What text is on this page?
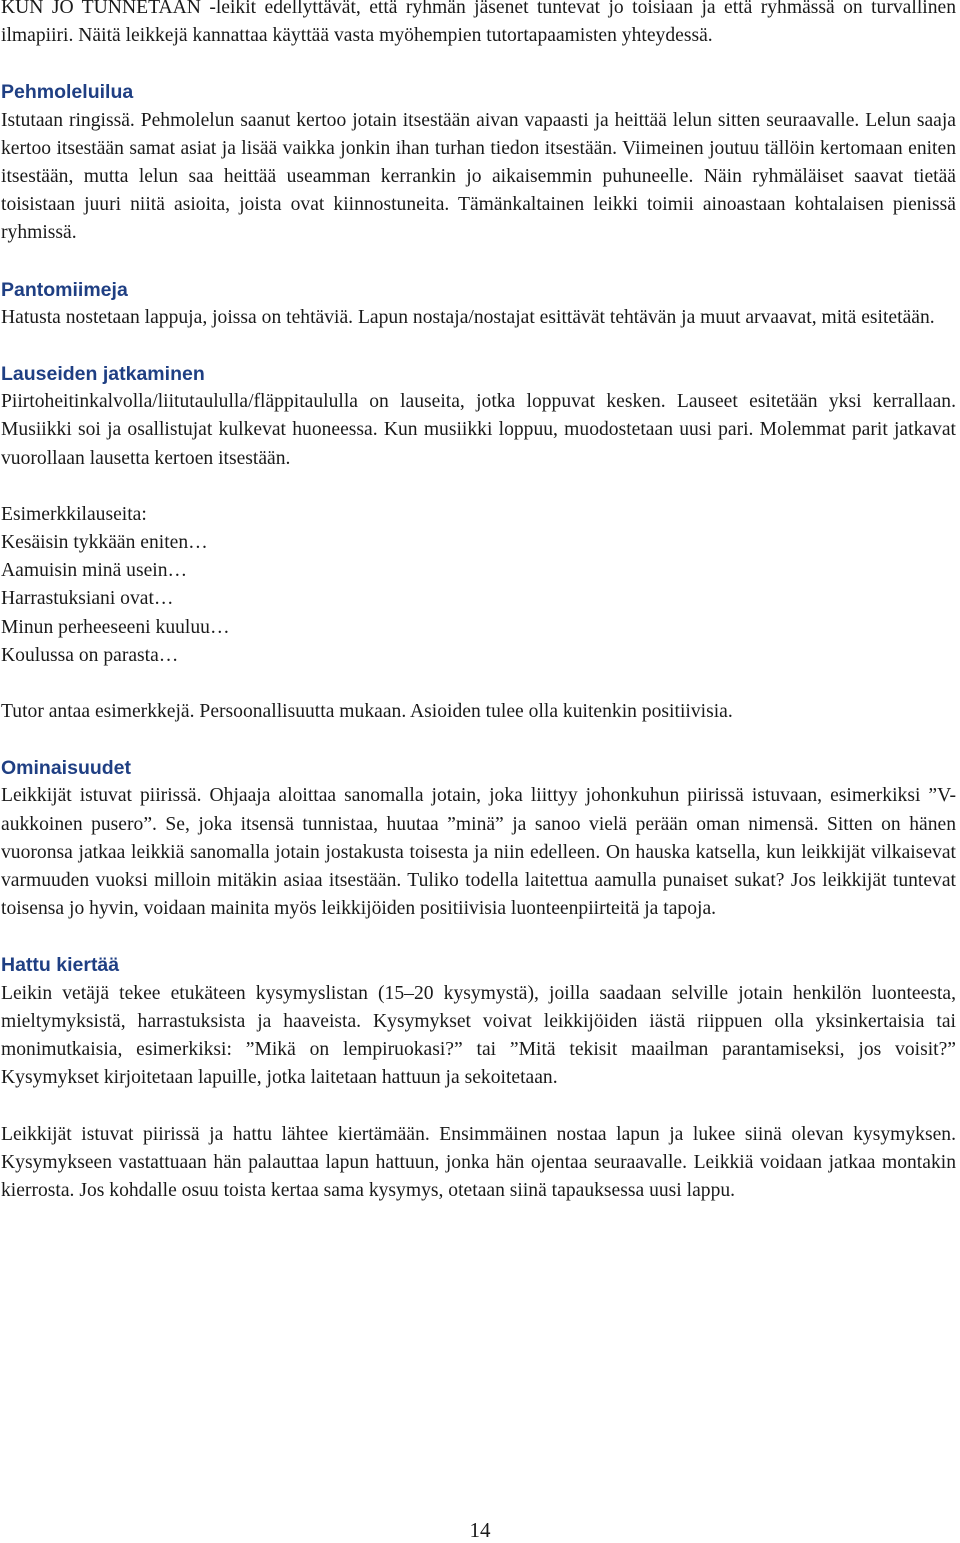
KUN JO TUNNETAAN -leikit edellyttävät, että ryhmän jäsenet tuntevat jo toisiaan ja että ryhmässä on turvallinen ilmapiiri. Näitä leikkejä kannattaa käyttää vasta myöhempien tutortapaamisten yhteydessä.

Pehmoleluilua

Istutaan ringissä. Pehmolelun saanut kertoo jotain itsestään aivan vapaasti ja heittää lelun sitten seuraavalle. Lelun saaja kertoo itsestään samat asiat ja lisää vaikka jonkin ihan turhan tiedon itsestään. Viimeinen joutuu tällöin kertomaan eniten itsestään, mutta lelun saa heittää useamman kerrankin jo aikaisemmin puhuneelle. Näin ryhmäläiset saavat tietää toisistaan juuri niitä asioita, joista ovat kiinnostuneita. Tämänkaltainen leikki toimii ainoastaan kohtalaisen pienissä ryhmissä.

Pantomiimeja

Hatusta nostetaan lappuja, joissa on tehtäviä. Lapun nostaja/nostajat esittävät tehtävän ja muut arvaavat, mitä esitetään.

Lauseiden jatkaminen

Piirtoheitinkalvolla/liitutaululla/fläppitaululla on lauseita, jotka loppuvat kesken. Lauseet esitetään yksi kerrallaan. Musiikki soi ja osallistujat kulkevat huoneessa. Kun musiikki loppuu, muodostetaan uusi pari. Molemmat parit jatkavat vuorollaan lausetta kertoen itsestään.

Esimerkkilauseita:
Kesäisin tykkään eniten…
Aamuisin minä usein…
Harrastuksiani ovat…
Minun perheeseeni kuuluu…
Koulussa on parasta…

Tutor antaa esimerkkejä. Persoonallisuutta mukaan. Asioiden tulee olla kuitenkin positiivisia.

Ominaisuudet

Leikkijät istuvat piirissä. Ohjaaja aloittaa sanomalla jotain, joka liittyy johonkuhun piirissä istuvaan, esimerkiksi ”V-aukkoinen pusero”. Se, joka itsensä tunnistaa, huutaa ”minä” ja sanoo vielä perään oman nimensä. Sitten on hänen vuoronsa jatkaa leikkiä sanomalla jotain jostakusta toisesta ja niin edelleen. On hauska katsella, kun leikkijät vilkaisevat varmuuden vuoksi milloin mitäkin asiaa itsestään. Tuliko todella laitettua aamulla punaiset sukat? Jos leikkijät tuntevat toisensa jo hyvin, voidaan mainita myös leikkijöiden positiivisia luonteenpiirteitä ja tapoja.

Hattu kiertää

Leikin vetäjä tekee etukäteen kysymyslistan (15–20 kysymystä), joilla saadaan selville jotain henkilön luonteesta, mieltymyksistä, harrastuksista ja haaveista. Kysymykset voivat leikkijöiden iästä riippuen olla yksinkertaisia tai monimutkaisia, esimerkiksi: ”Mikä on lempiruokasi?” tai ”Mitä tekisit maailman parantamiseksi, jos voisit?” Kysymykset kirjoitetaan lapuille, jotka laitetaan hattuun ja sekoitetaan.

Leikkijät istuvat piirissä ja hattu lähtee kiertämään. Ensimmäinen nostaa lapun ja lukee siinä olevan kysymyksen. Kysymykseen vastattuaan hän palauttaa lapun hattuun, jonka hän ojentaa seuraavalle. Leikkiä voidaan jatkaa montakin kierrosta. Jos kohdalle osuu toista kertaa sama kysymys, otetaan siinä tapauksessa uusi lappu.

14
